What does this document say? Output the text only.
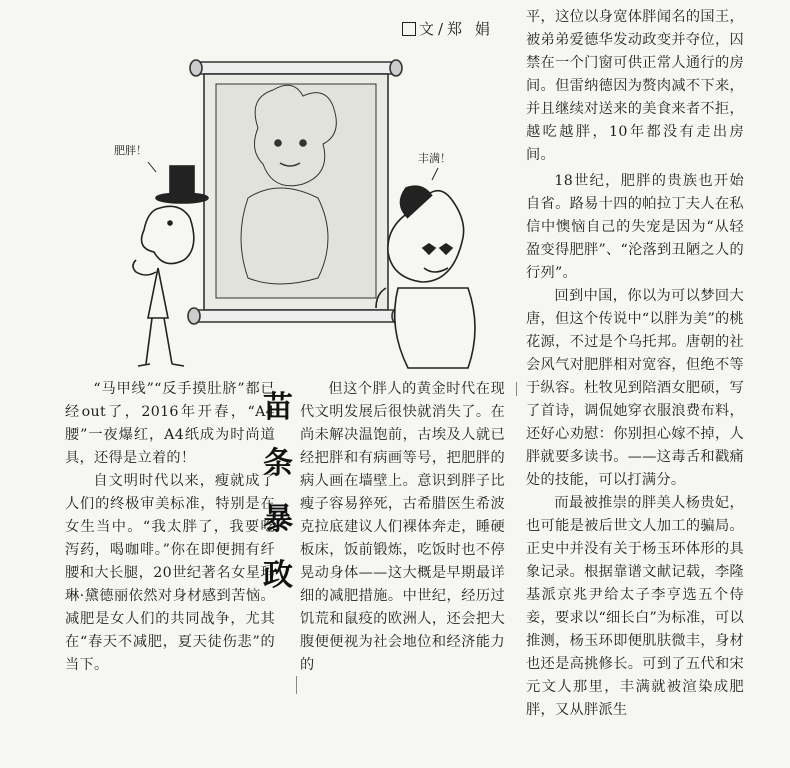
文/郑 娟
肥胖！
丰满！

平，这位以身宽体胖闻名的国王，被弟弟爱德华发动政变并夺位，囚禁在一个门窗可供正常人通行的房间。但雷纳德因为赘肉减不下来，并且继续对送来的美食来者不拒，越吃越胖，10年都没有走出房间。

18世纪，肥胖的贵族也开始自省。路易十四的帕拉丁夫人在私信中懊恼自己的失宠是因为“从轻盈变得肥胖”、“沦落到丑陋之人的行列”。

回到中国，你以为可以梦回大唐，但这个传说中“以胖为美”的桃花源，不过是个乌托邦。唐朝的社会风气对肥胖相对宽容，但绝不等于纵容。杜牧见到陪酒女肥硕，写了首诗，调侃她穿衣服浪费布料，还好心劝慰：你别担心嫁不掉，人胖就要多读书。——这毒舌和戳痛处的技能，可以打满分。

而最被推崇的胖美人杨贵妃，也可能是被后世文人加工的骗局。正史中并没有关于杨玉环体形的具象记录。根据靠谱文献记载，李隆基派京兆尹给太子李亨选五个侍妾，要求以“细长白”为标准，可以推测，杨玉环即便肌肤微丰，身材也还是高挑修长。可到了五代和宋元文人那里，丰满就被渲染成肥胖，又从胖派生

“马甲线”“反手摸肚脐”都已经out了，2016年开春，“A4腰”一夜爆红，A4纸成为时尚道具，还得是立着的！

自文明时代以来，瘦就成了人们的终极审美标准，特别是在女生当中。“我太胖了，我要吃泻药，喝咖啡。”你在即便拥有纤腰和大长腿，20世纪著名女星玛琳·黛德丽依然对身材感到苦恼。减肥是女人们的共同战争，尤其在“春天不减肥，夏天徒伤悲”的当下。

苗
条
暴
政

但这个胖人的黄金时代在现代文明发展后很快就消失了。在尚未解决温饱前，古埃及人就已经把胖和有病画等号，把肥胖的病人画在墙壁上。意识到胖子比瘦子容易猝死，古希腊医生希波克拉底建议人们裸体奔走，睡硬板床，饭前锻炼，吃饭时也不停晃动身体——这大概是早期最详细的减肥措施。中世纪，经历过饥荒和鼠疫的欧洲人，还会把大腹便便视为社会地位和经济能力的
